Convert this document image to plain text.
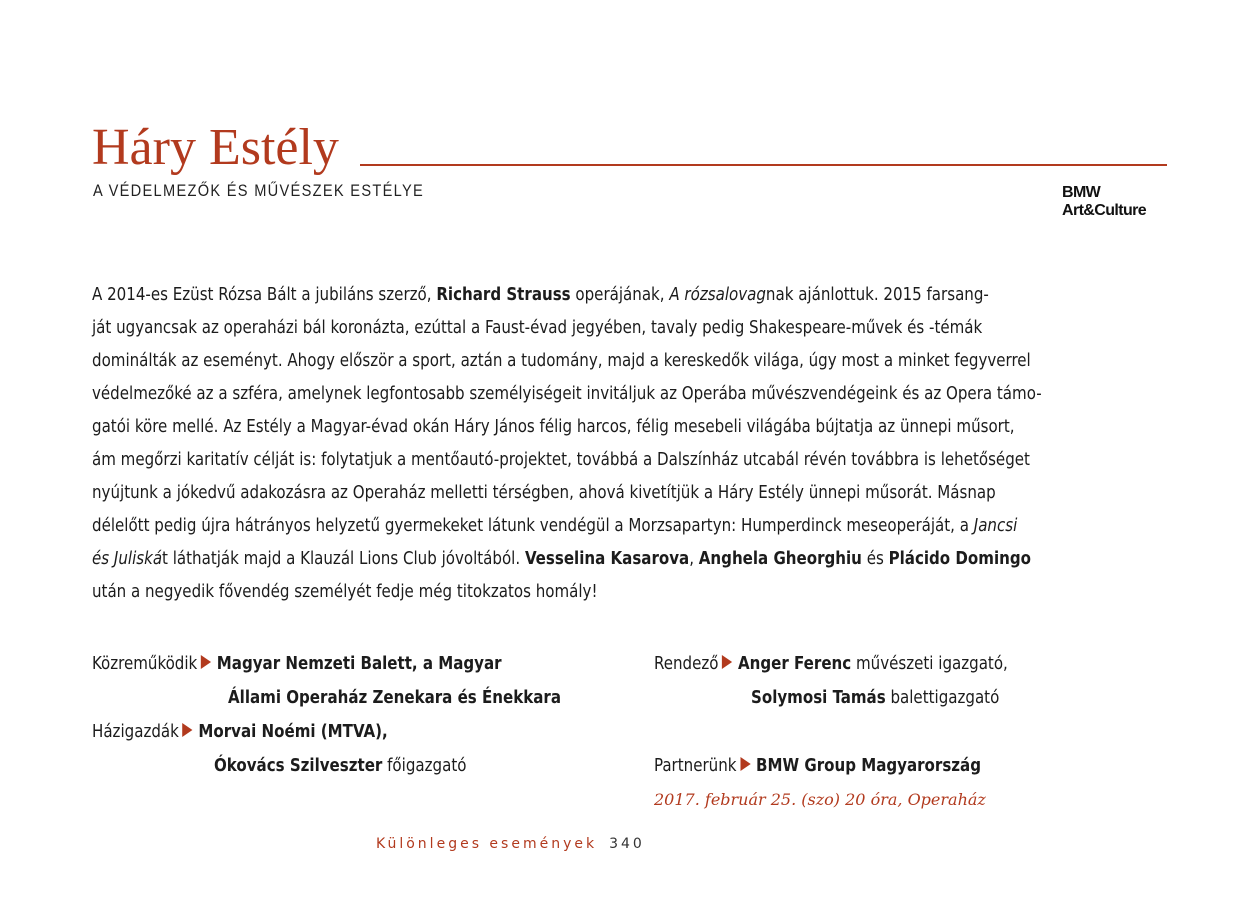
Háry Estély
A VÉDELMEZŐK ÉS MŰVÉSZEK ESTÉLYE	BMW
Art&Culture
A 2014-es Ezüst Rózsa Bált a jubiláns szerző, Richard Strauss operájának, A rózsalovagnak ajánlottuk. 2015 farsang-
ját ugyancsak az operaházi bál koronázta, ezúttal a Faust-évad jegyében, tavaly pedig Shakespeare-művek és -témák
dominálták az eseményt. Ahogy először a sport, aztán a tudomány, majd a kereskedők világa, úgy most a minket fegyverrel
védelmezőké az a szféra, amelynek legfontosabb személyiségeit invitáljuk az Operába művészvendégeink és az Opera támo-
gatói köre mellé. Az Estély a Magyar-évad okán Háry János félig harcos, félig mesebeli világába bújtatja az ünnepi műsort,
ám megőrzi karitatív célját is: folytatjuk a mentőautó-projektet, továbbá a Dalszínház utcabál révén továbbra is lehetőséget
nyújtunk a jókedvű adakozásra az Operaház melletti térségben, ahová kivetítjük a Háry Estély ünnepi műsorát. Másnap
délelőtt pedig újra hátrányos helyzetű gyermekeket látunk vendégül a Morzsapartyn: Humperdinck meseoperáját, a Jancsi
és Juliskát láthatják majd a Klauzál Lions Club jóvoltából. Vesselina Kasarova, Anghela Gheorghiu és Plácido Domingo
után a negyedik fővendég személyét fedje még titokzatos homály!
Közreműködik Magyar Nemzeti Balett, a Magyar
Állami Operaház Zenekara és Énekkara
Házigazdák Morvai Noémi (MTVA),
Ókovács Szilveszter főigazgató
Rendező Anger Ferenc művészeti igazgató,
Solymosi Tamás balettigazgató
Partnerünk BMW Group Magyarország
2017. február 25. (szo) 20 óra, Operaház
Különleges események 340
